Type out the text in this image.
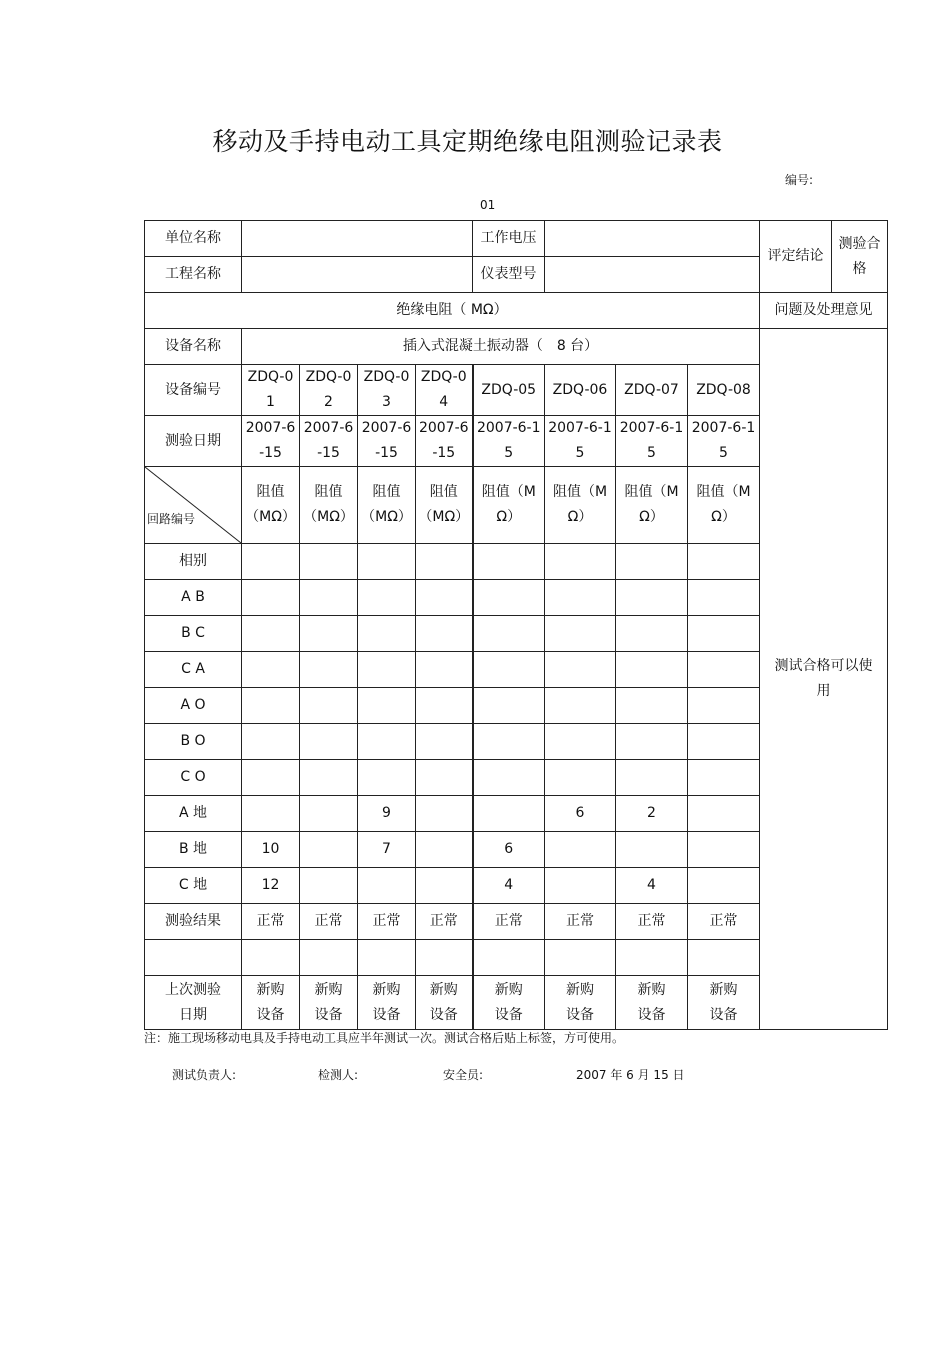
移动及手持电动工具定期绝缘电阻测验记录表
编号:
01
单位名称					工作电压				评定结论	测验合格
工程名称					仪表型号					
绝缘电阻（ MΩ）									问题及处理意见	
设备名称	插入式混凝土振动器（　8 台）								测试合格可以使用	
设备编号	ZDQ-01	ZDQ-02	ZDQ-03	ZDQ-04	ZDQ-05	ZDQ-06	ZDQ-07	ZDQ-08		
测验日期	2007-6-15	2007-6-15	2007-6-15	2007-6-15	2007-6-15	2007-6-15	2007-6-15	2007-6-15		

回路编号	阻值（MΩ）	阻值（MΩ）	阻值（MΩ）	阻值（MΩ）	阻值（MΩ）	阻值（MΩ）	阻值（MΩ）	阻值（MΩ）		
相别										
A B										
B C										
C A										
A O										
B O										
C O										
A 地			9			6	2			
B 地	10		7		6					
C 地	12				4		4			
测验结果	正常	正常	正常	正常	正常	正常	正常	正常		

上次测验日期	新购设备	新购设备	新购设备	新购设备	新购设备	新购设备	新购设备	新购设备		
注：施工现场移动电具及手持电动工具应半年测试一次。测试合格后贴上标签，方可使用。
测试负责人:	检测人:	安全员:	2007 年 6 月 15 日
